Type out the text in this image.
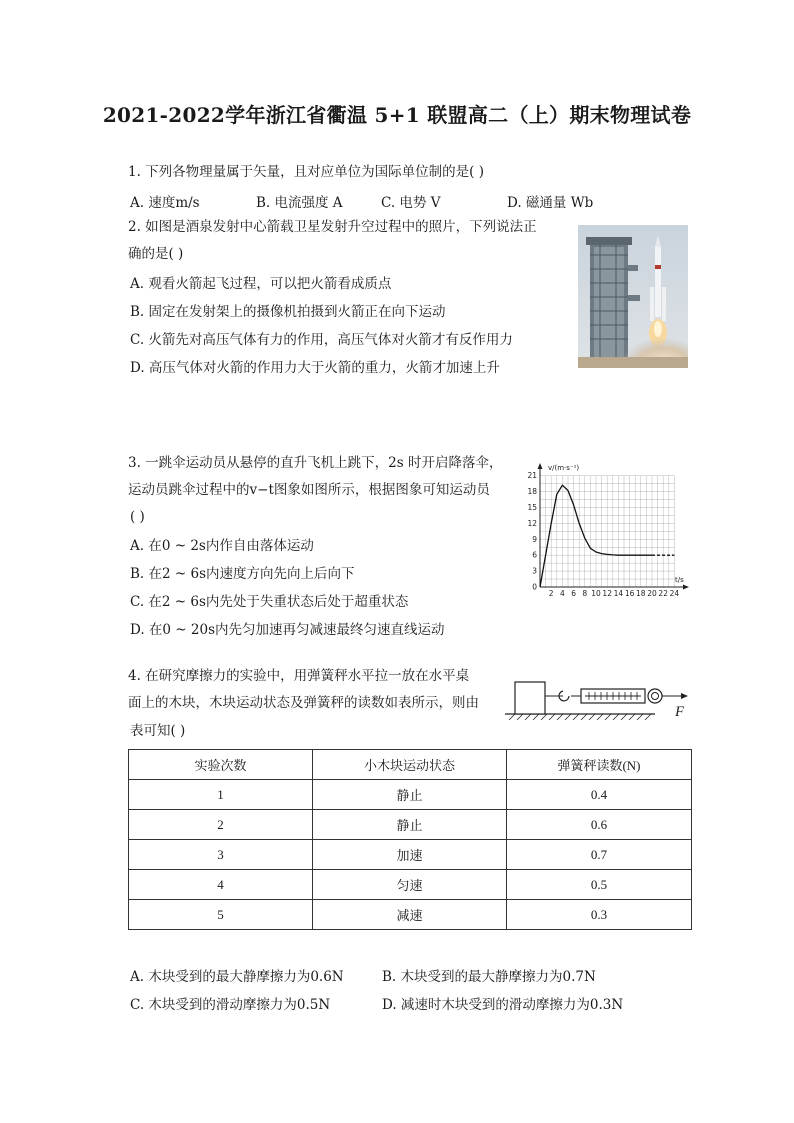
2021-2022学年浙江省衢温 5+1 联盟高二（上）期末物理试卷
1. 下列各物理量属于矢量，且对应单位为国际单位制的是( )
A. 速度m/s	B. 电流强度 A	C. 电势 V	D. 磁通量 Wb
2. 如图是酒泉发射中心箭载卫星发射升空过程中的照片，下列说法正
确的是( )
A. 观看火箭起飞过程，可以把火箭看成质点
B. 固定在发射架上的摄像机拍摄到火箭正在向下运动
C. 火箭先对高压气体有力的作用，高压气体对火箭才有反作用力
D. 高压气体对火箭的作用力大于火箭的重力，火箭才加速上升
3. 一跳伞运动员从悬停的直升飞机上跳下，2s 时开启降落伞，
运动员跳伞过程中的v−t图象如图所示，根据图象可知运动员
( )
A. 在0 ~ 2s内作自由落体运动
B. 在2 ~ 6s内速度方向先向上后向下
C. 在2 ~ 6s内先处于失重状态后处于超重状态
D. 在0 ~ 20s内先匀加速再匀减速最终匀速直线运动
v/(m·s⁻¹)
t/s
0
3
6
9
12
15
18
21
2 4 6 8 10 12 14 16 18 20 22 24
4. 在研究摩擦力的实验中，用弹簧秤水平拉一放在水平桌
面上的木块，木块运动状态及弹簧秤的读数如表所示，则由
表可知( )
F
实验次数	小木块运动状态	弹簧秤读数(N)
1	静止	0.4
2	静止	0.6
3	加速	0.7
4	匀速	0.5
5	减速	0.3
A. 木块受到的最大静摩擦力为0.6N	B. 木块受到的最大静摩擦力为0.7N
C. 木块受到的滑动摩擦力为0.5N	D. 减速时木块受到的滑动摩擦力为0.3N
